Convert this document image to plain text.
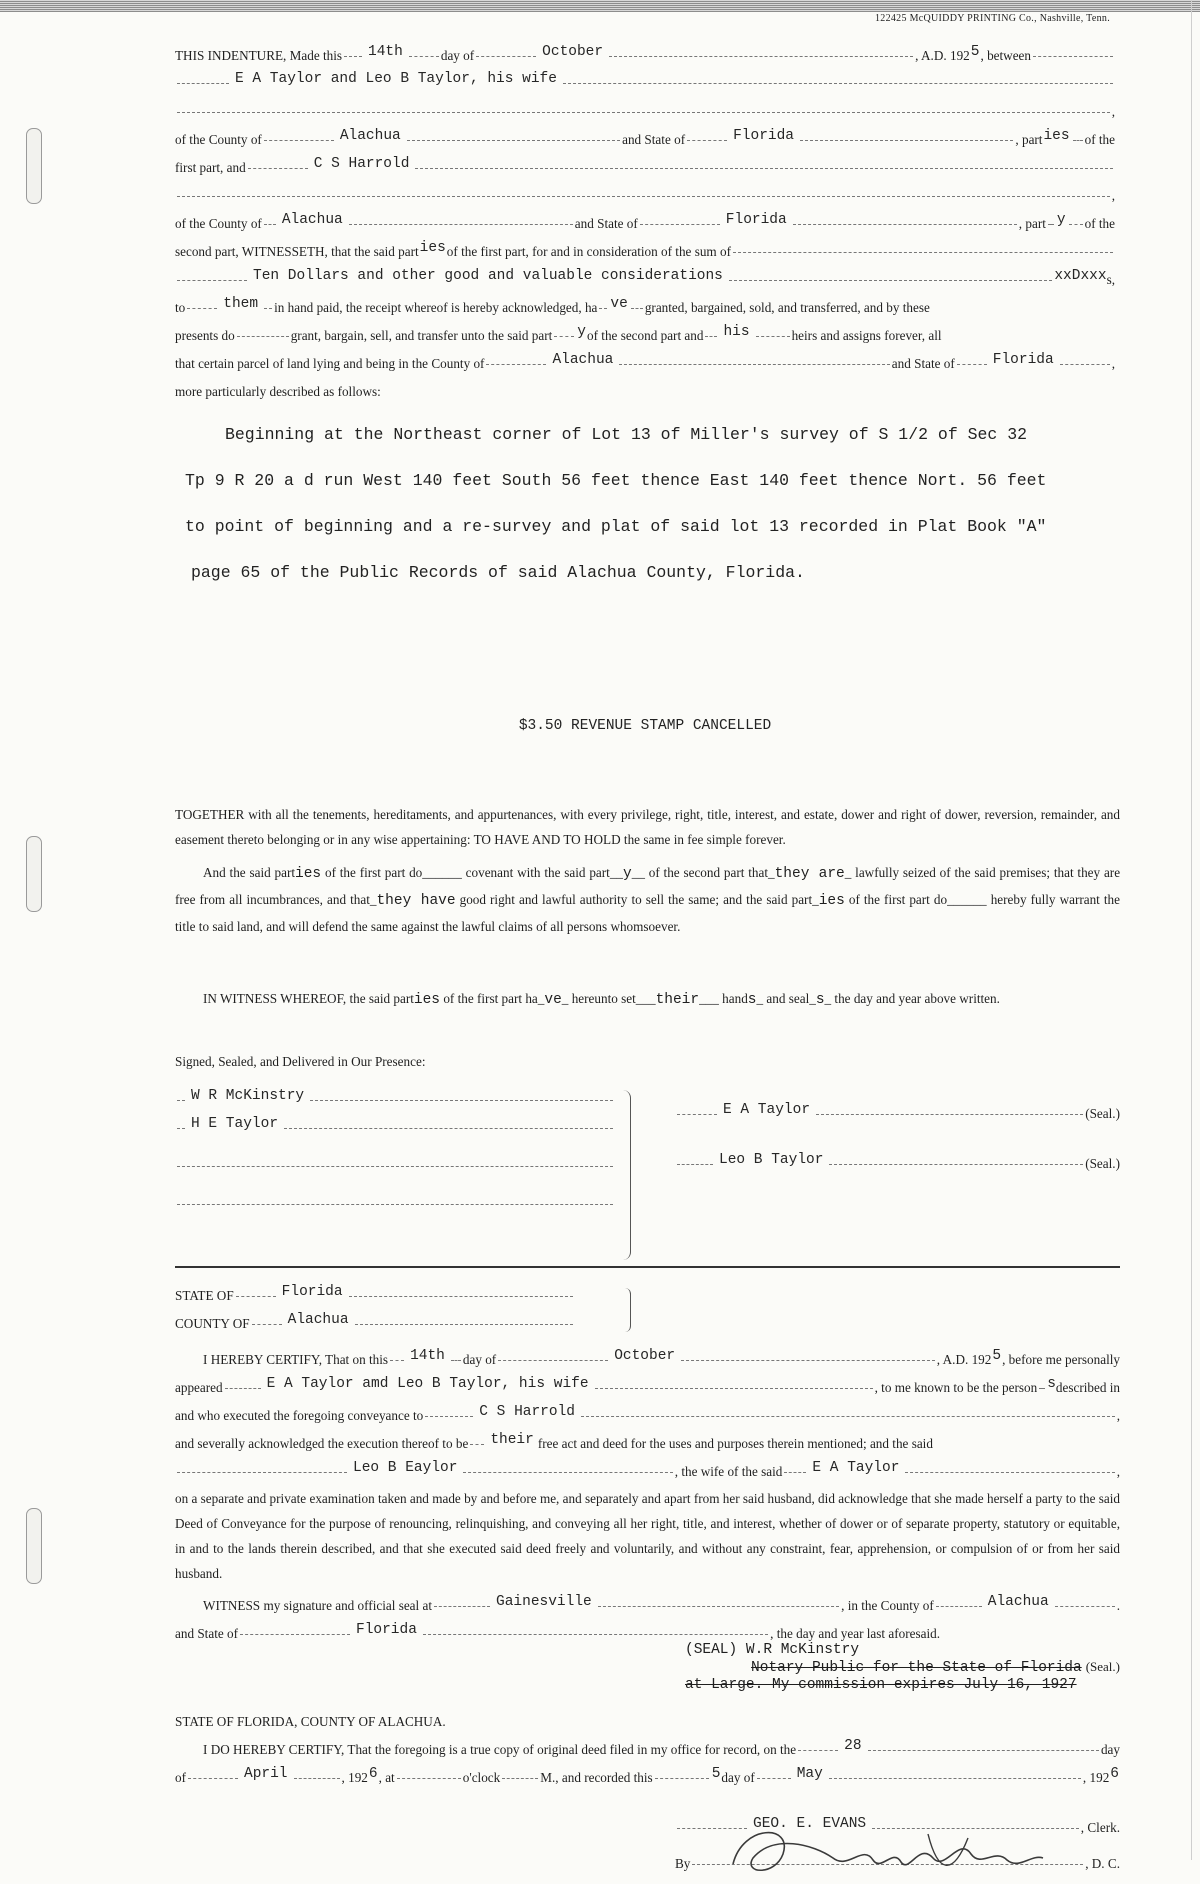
122425 McQUIDDY PRINTING Co., Nashville, Tenn.
THIS INDENTURE, Made this 14th	day of	October	, A.D. 192 5 , between
E A Taylor and Leo B Taylor, his wife
,
of the County of	Alachua	and State of	Florida	, part ies of the
first part, and	C S Harrold
,
of the County of Alachua	and State of	Florida	, part y of the
second part, WITNESSETH, that the said part ies of the first part, for and in consideration of the sum of
Ten Dollars and other good and valuable considerations	xxDxxx s,
to	them	in hand paid, the receipt whereof is hereby acknowledged, ha ve granted, bargained, sold, and transferred, and by these
presents do	grant, bargain, sell, and transfer unto the said part y of the second part and his	heirs and assigns forever, all
that certain parcel of land lying and being in the County of	Alachua	and State of	Florida	,
more particularly described as follows:
Beginning at the Northeast corner of Lot 13 of Miller's survey of S 1/2 of Sec 32
Tp 9 R 20 a d run West 140 feet South 56 feet thence East 140 feet thence Nort. 56 feet
to point of beginning and a re-survey and plat of said lot 13 recorded in Plat Book "A"
page 65 of the Public Records of said Alachua County, Florida.
$3.50 REVENUE STAMP CANCELLED
TOGETHER with all the tenements, hereditaments, and appurtenances, with every privilege, right, title, interest, and estate, dower and right of dower, reversion, remainder, and easement thereto belonging or in any wise appertaining: TO HAVE AND TO HOLD the same in fee simple forever.
And the said parties of the first part do______ covenant with the said part__y__ of the second part that_they are_ lawfully seized of the said premises; that they are free from all incumbrances, and that_they have good right and lawful authority to sell the same; and the said part_ies of the first part do______ hereby fully warrant the title to said land, and will defend the same against the lawful claims of all persons whomsoever.
IN WITNESS WHEREOF, the said parties of the first part ha_ve_ hereunto set___their___ hands_ and seal_s_ the day and year above written.
Signed, Sealed, and Delivered in Our Presence:
W R McKinstry
H E Taylor
E A Taylor	(Seal.)
Leo B Taylor	(Seal.)
STATE OF	Florida
COUNTY OF	Alachua
I HEREBY CERTIFY, That on this 14th	day of	October	, A.D. 192 5 , before me personally
appeared	E A Taylor amd Leo B Taylor, his wife	, to me known to be the person s described in
and who executed the foregoing conveyance to	C S Harrold	,
and severally acknowledged the execution thereof to be their free act and deed for the uses and purposes therein mentioned; and the said
Leo B Eaylor	, the wife of the said E A Taylor	,
on a separate and private examination taken and made by and before me, and separately and apart from her said husband, did acknowledge that she made herself a party to the said Deed of Conveyance for the purpose of renouncing, relinquishing, and conveying all her right, title, and interest, whether of dower or of separate property, statutory or equitable, in and to the lands therein described, and that she executed said deed freely and voluntarily, and without any constraint, fear, apprehension, or compulsion of or from her said husband.
WITNESS my signature and official seal at	Gainesville	, in the County of	Alachua	.
and State of	Florida	, the day and year last aforesaid.
(SEAL) W.R McKinstry
Notary Public for the State of Florida (Seal.)
at Large. My commission expires July 16, 1927
STATE OF FLORIDA, COUNTY OF ALACHUA.
I DO HEREBY CERTIFY, That the foregoing is a true copy of original deed filed in my office for record, on the	28	day
of	April	, 192 6 , at	o'clock	M., and recorded this	5 day of	May	, 192 6
GEO. E. EVANS	, Clerk.
By	, D. C.
